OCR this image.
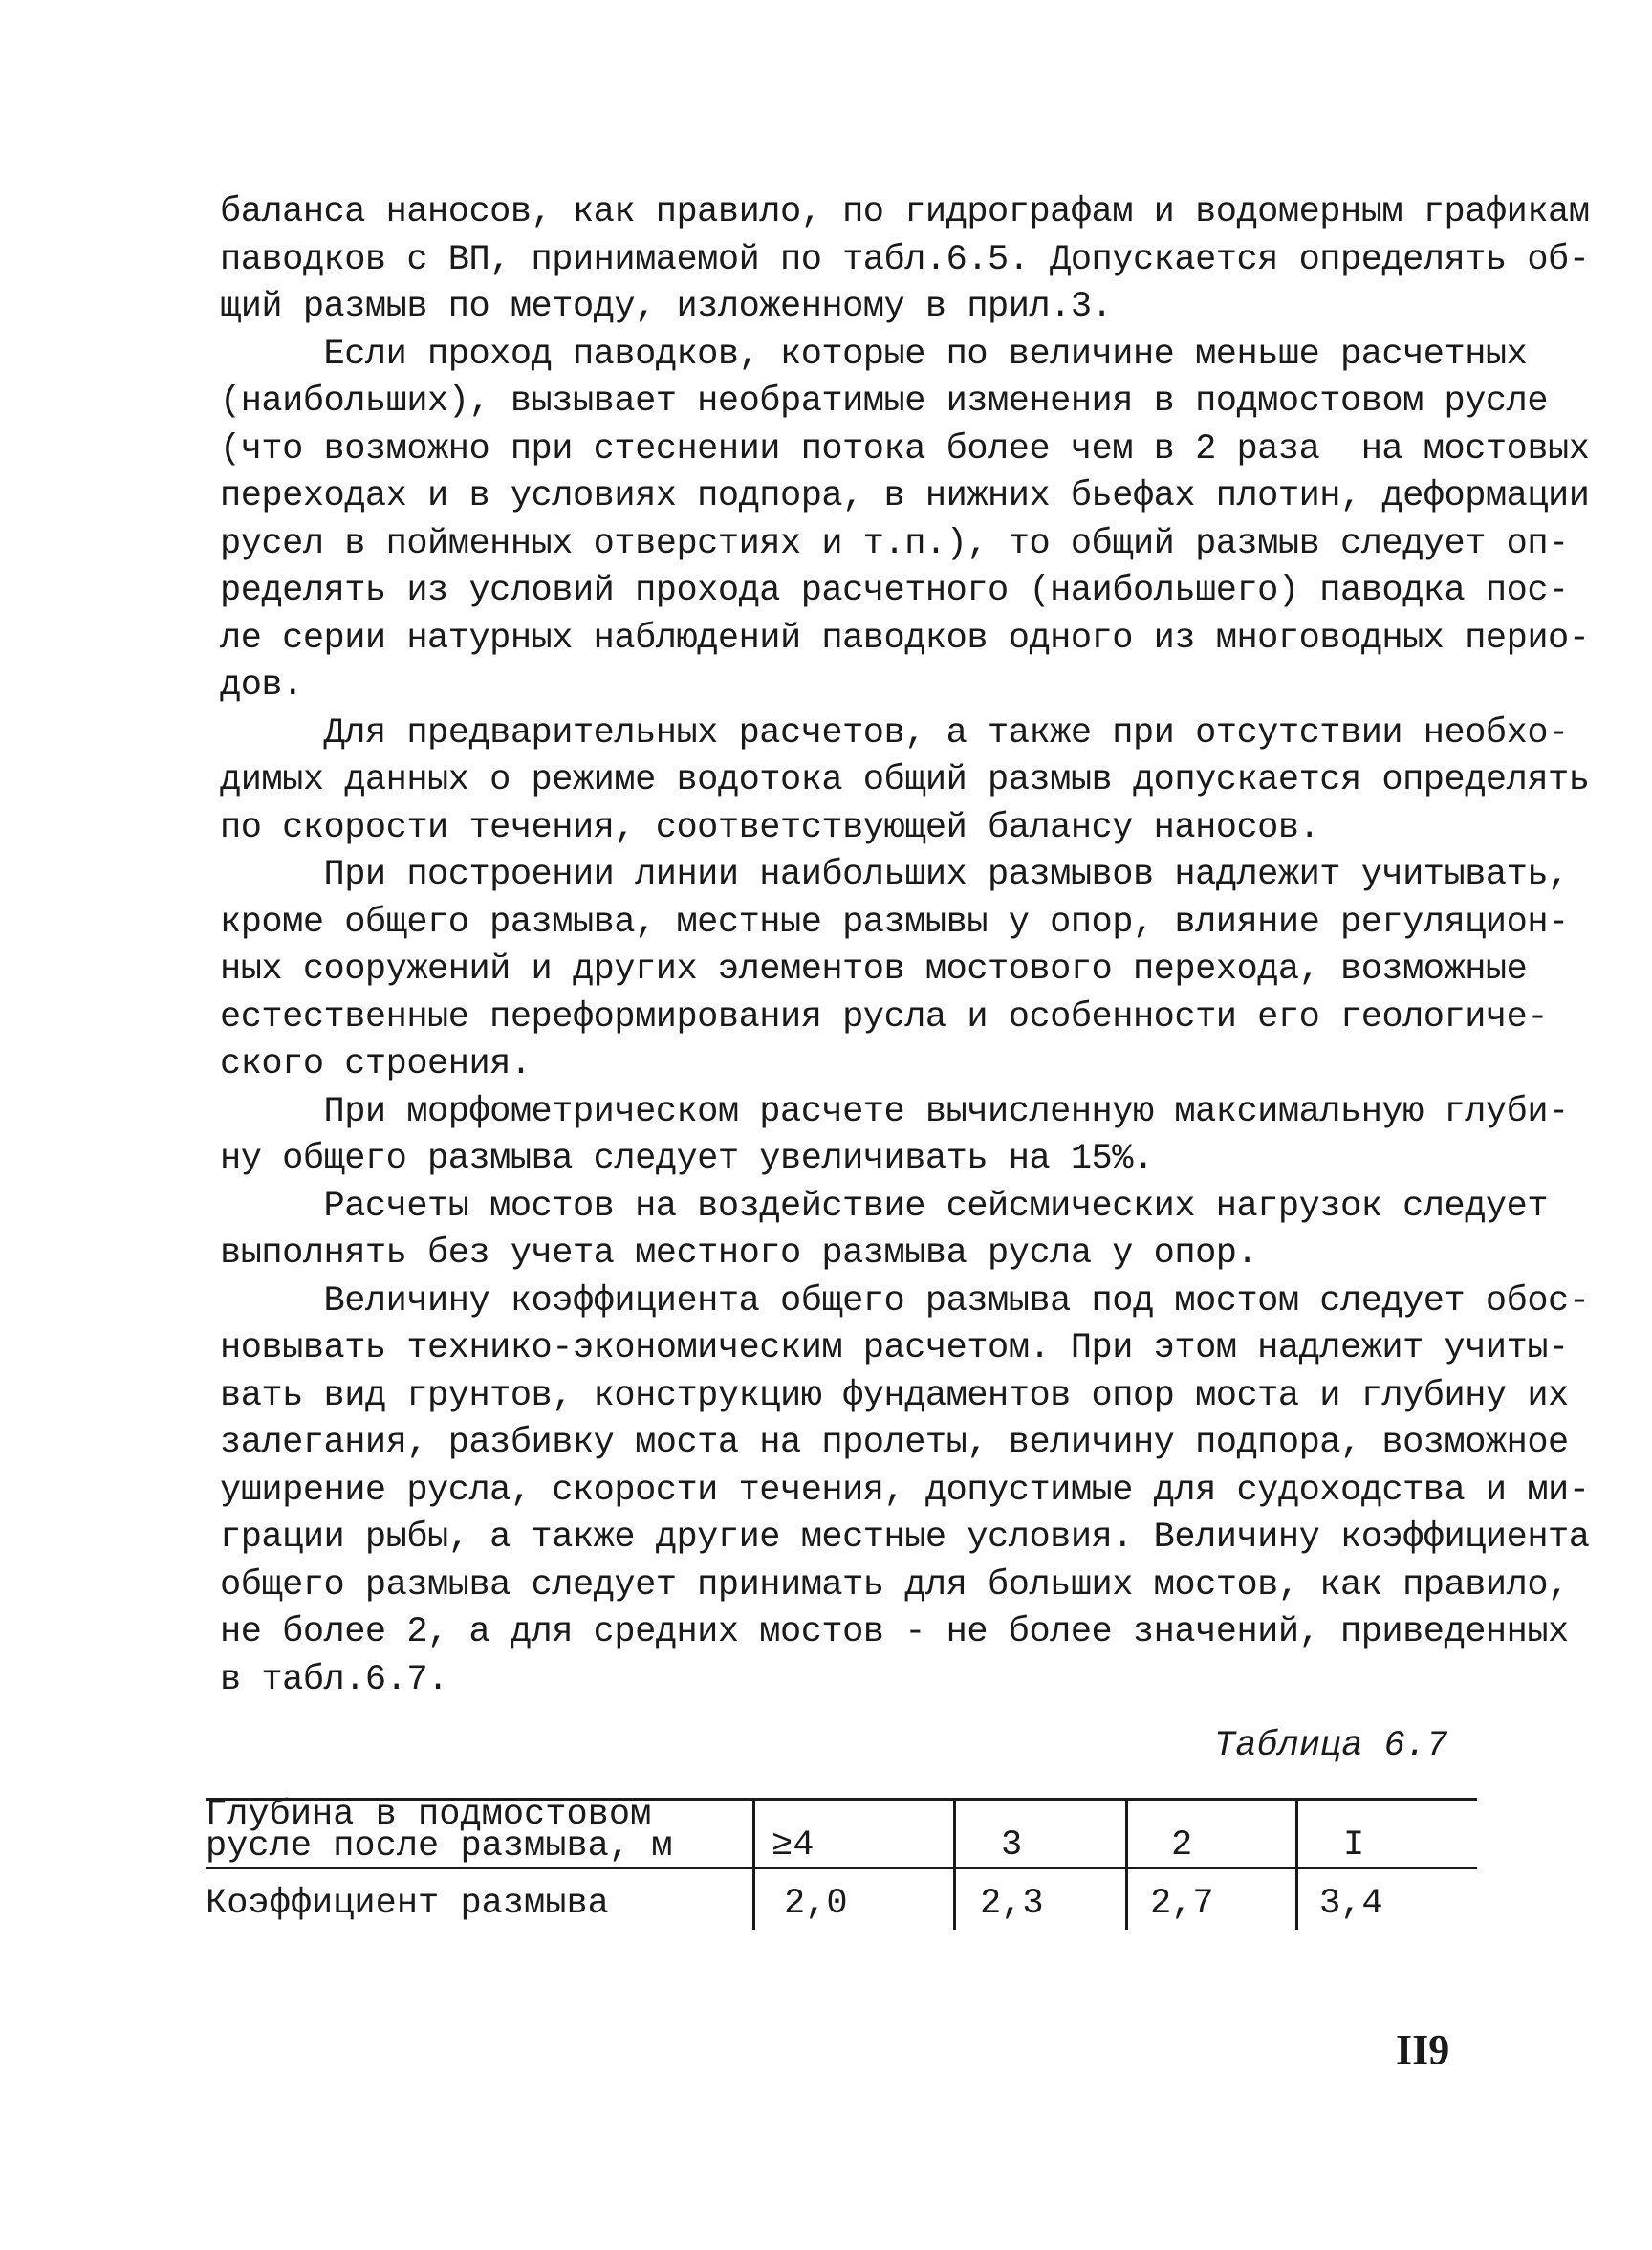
баланса наносов, как правило, по гидрографам и водомерным графикам

паводков с ВП, принимаемой по табл.6.5. Допускается определять об-

щий размыв по методу, изложенному в прил.3.

Если проход паводков, которые по величине меньше расчетных

(наибольших), вызывает необратимые изменения в подмостовом русле

(что возможно при стеснении потока более чем в 2 раза  на мостовых

переходах и в условиях подпора, в нижних бьефах плотин, деформации

русел в пойменных отверстиях и т.п.), то общий размыв следует оп-

ределять из условий прохода расчетного (наибольшего) паводка пос-

ле серии натурных наблюдений паводков одного из многоводных перио-

дов.

Для предварительных расчетов, а также при отсутствии необхо-

димых данных о режиме водотока общий размыв допускается определять

по скорости течения, соответствующей балансу наносов.

При построении линии наибольших размывов надлежит учитывать,

кроме общего размыва, местные размывы у опор, влияние регуляцион-

ных сооружений и других элементов мостового перехода, возможные

естественные переформирования русла и особенности его геологиче-

ского строения.

При морфометрическом расчете вычисленную максимальную глуби-

ну общего размыва следует увеличивать на 15%.

Расчеты мостов на воздействие сейсмических нагрузок следует

выполнять без учета местного размыва русла у опор.

Величину коэффициента общего размыва под мостом следует обос-

новывать технико-экономическим расчетом. При этом надлежит учиты-

вать вид грунтов, конструкцию фундаментов опор моста и глубину их

залегания, разбивку моста на пролеты, величину подпора, возможное

уширение русла, скорости течения, допустимые для судоходства и ми-

грации рыбы, а также другие местные условия. Величину коэффициента

общего размыва следует принимать для больших мостов, как правило,

не более 2, а для средних мостов - не более значений, приведенных

в табл.6.7.

Таблица 6.7
Глубина в подмостовом
русле после размыва, м	≥4	3	2	I
Коэффициент размыва	2,0	2,3	2,7	3,4
II9
